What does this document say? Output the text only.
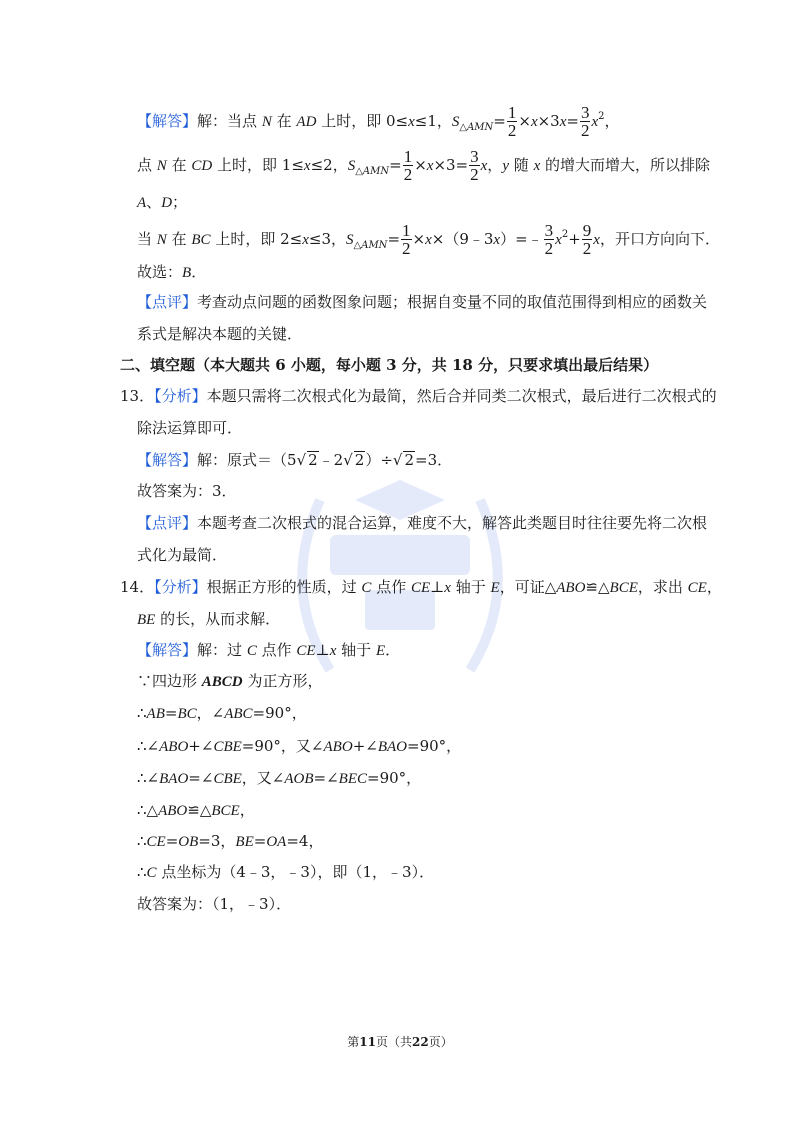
【解答】解：当点 N 在 AD 上时，即 0≤x≤1，$S_{\triangle AMN}= \frac{1}{2} \times x\times 3x= \frac{3}{2} x^2$，
点 N 在 CD 上时，即 1≤x≤2，$S_{\triangle AMN}= \frac{1}{2} \times x\times 3= \frac{3}{2}$ x，y 随 x 的增大而增大，所以排除
A、D；
当 N 在 BC 上时，即 2≤x≤3，$S_{\triangle AMN}= \frac{1}{2}$ ×x×（9﹣3x）=﹣ $\frac{3}{2} x^2+ \frac{9}{2}$ x，开口方向向下．
故选：B．
【点评】考查动点问题的函数图象问题；根据自变量不同的取值范围得到相应的函数关
系式是解决本题的关键．
二、填空题（本大题共 6 小题，每小题 3 分，共 18 分，只要求填出最后结果）
13．【分析】本题只需将二次根式化为最简，然后合并同类二次根式，最后进行二次根式的
除法运算即可．
【解答】解：原式＝（5√ 2﹣2√ 2）÷√ 2=3．
故答案为：3．
【点评】本题考查二次根式的混合运算，难度不大，解答此类题目时往往要先将二次根
式化为最简．
14．【分析】根据正方形的性质，过 C 点作 CE⊥x 轴于 E，可证△ABO≌△BCE，求出 CE，
BE 的长，从而求解．
【解答】解：过 C 点作 CE⊥x 轴于 E．
∵四边形 ABCD 为正方形，
∴AB=BC，∠ABC=90°，
∴∠ABO+∠CBE=90°，又∠ABO+∠BAO=90°，
∴∠BAO=∠CBE，又∠AOB=∠BEC=90°，
∴△ABO≌△BCE，
∴CE=OB=3，BE=OA=4，
∴C 点坐标为（4﹣3，﹣3），即（1，﹣3）．
故答案为：（1，﹣3）．
第11页（共22页）
